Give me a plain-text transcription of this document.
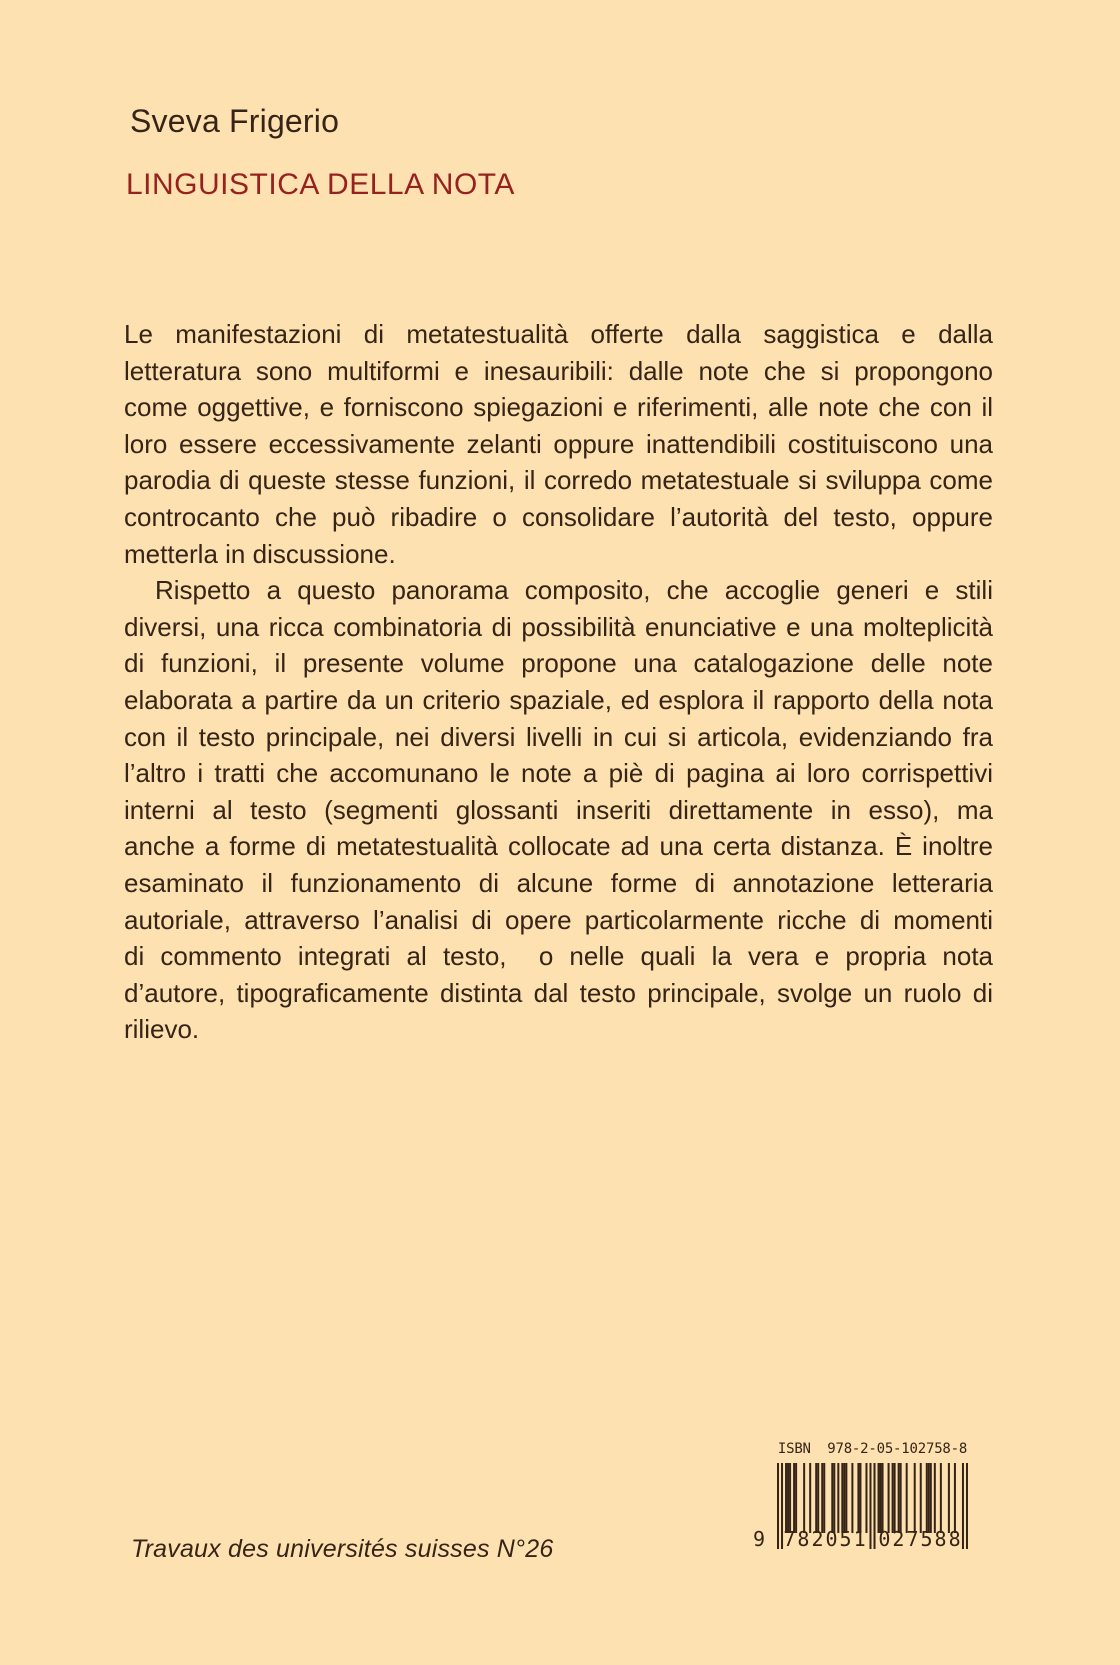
Sveva Frigerio
LINGUISTICA DELLA NOTA
Le manifestazioni di metatestualità offerte dalla saggistica e dalla
letteratura sono multiformi e inesauribili: dalle note che si propongono
come oggettive, e forniscono spiegazioni e riferimenti, alle note che con il
loro essere eccessivamente zelanti oppure inattendibili costituiscono una
parodia di queste stesse funzioni, il corredo metatestuale si sviluppa come
controcanto che può ribadire o consolidare l’autorità del testo, oppure
metterla in discussione.
Rispetto a questo panorama composito, che accoglie generi e stili
diversi, una ricca combinatoria di possibilità enunciative e una molteplicità
di funzioni, il presente volume propone una catalogazione delle note
elaborata a partire da un criterio spaziale, ed esplora il rapporto della nota
con il testo principale, nei diversi livelli in cui si articola, evidenziando fra
l’altro i tratti che accomunano le note a piè di pagina ai loro corrispettivi
interni al testo (segmenti glossanti inseriti direttamente in esso), ma
anche a forme di metatestualità collocate ad una certa distanza. È inoltre
esaminato il funzionamento di alcune forme di annotazione letteraria
autoriale, attraverso l’analisi di opere particolarmente ricche di momenti
di commento integrati al testo,  o nelle quali la vera e propria nota
d’autore, tipograficamente distinta dal testo principale, svolge un ruolo di
rilievo.
Travaux des universités suisses N°26
ISBN  978-2-05-102758-8
9 782051 027588
